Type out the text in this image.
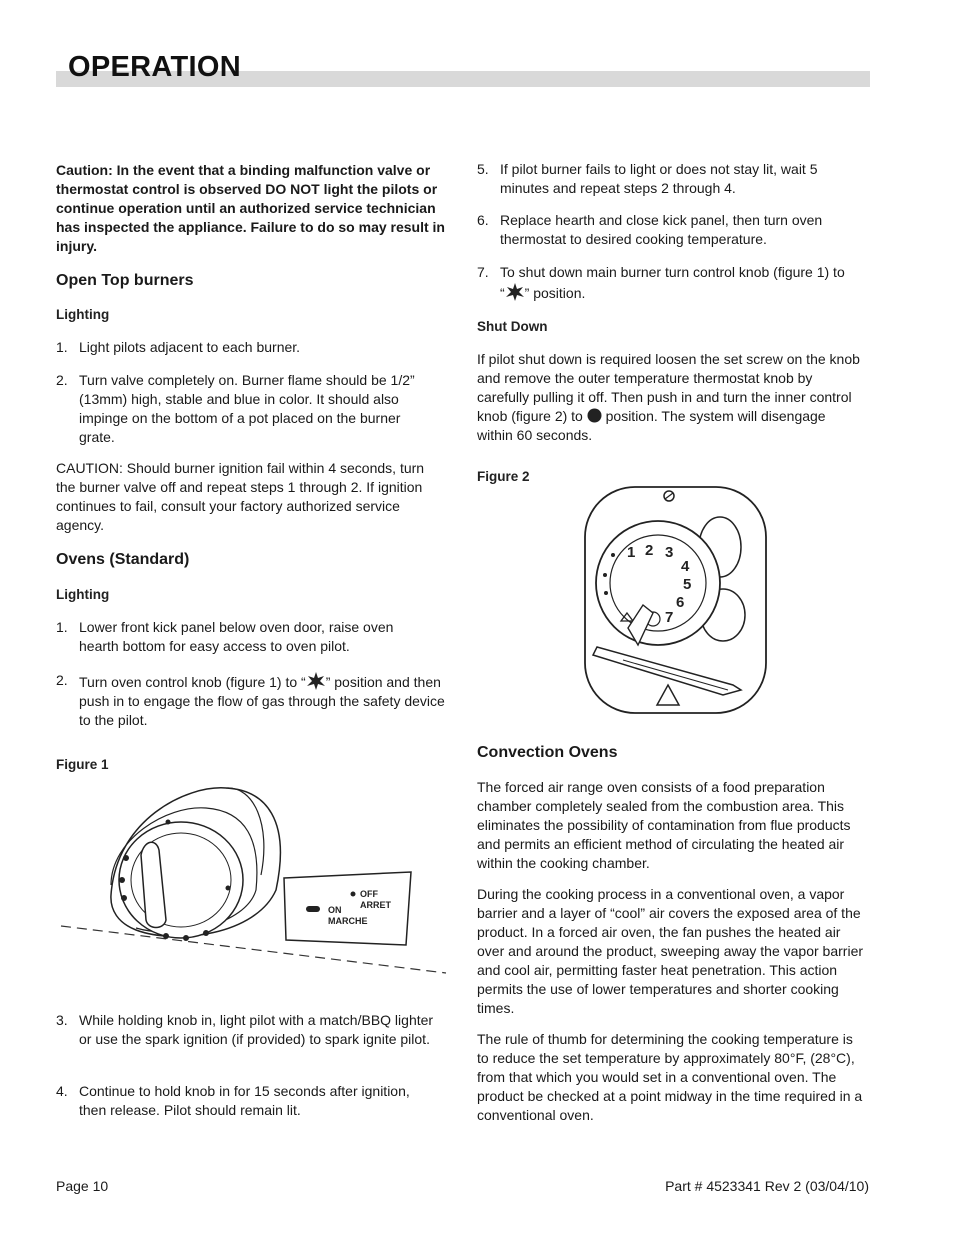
OPERATION
Caution: In the event that a binding malfunction valve or thermostat control is observed DO NOT light the pilots or continue operation until an authorized service technician has inspected the appliance. Failure to do so may result in injury.
Open Top burners
Lighting
1. Light pilots adjacent to each burner.
2. Turn valve completely on. Burner flame should be 1/2” (13mm) high, stable and blue in color. It should also impinge on the bottom of a pot placed on the burner grate.
CAUTION: Should burner ignition fail within 4 seconds, turn the burner valve off and repeat steps 1 through 2. If ignition continues to fail, consult your factory authorized service agency.
Ovens (Standard)
Lighting
1. Lower front kick panel below oven door, raise oven hearth bottom for easy access to oven pilot.
2. Turn oven control knob (figure 1) to “ ” position and then push in to engage the flow of gas through the safety device to the pilot.
Figure 1
ON
MARCHE
OFF
ARRET
3. While holding knob in, light pilot with a match/BBQ lighter or use the spark ignition (if provided) to spark ignite pilot.
4. Continue to hold knob in for 15 seconds after ignition, then release. Pilot should remain lit.
5. If pilot burner fails to light or does not stay lit, wait 5 minutes and repeat steps 2 through 4.
6. Replace hearth and close kick panel, then turn oven thermostat to desired cooking temperature.
7. To shut down main burner turn control knob (figure 1) to
“ ” position.
Shut Down
If pilot shut down is required loosen the set screw on the knob and remove the outer temperature thermostat knob by carefully pulling it off. Then push in and turn the inner control knob (figure 2) to position. The system will disengage within 60 seconds.
Figure 2
1 2 3
4
5
6
7
Convection Ovens
The forced air range oven consists of a food preparation chamber completely sealed from the combustion area. This eliminates the possibility of contamination from flue products and permits an efficient method of circulating the heated air within the cooking chamber.
During the cooking process in a conventional oven, a vapor barrier and a layer of “cool” air covers the exposed area of the product. In a forced air oven, the fan pushes the heated air over and around the product, sweeping away the vapor barrier and cool air, permitting faster heat penetration. This action permits the use of lower temperatures and shorter cooking times.
The rule of thumb for determining the cooking temperature is to reduce the set temperature by approximately 80°F, (28°C), from that which you would set in a conventional oven. The product be checked at a point midway in the time required in a conventional oven.
Page 10	Part # 4523341 Rev 2 (03/04/10)
